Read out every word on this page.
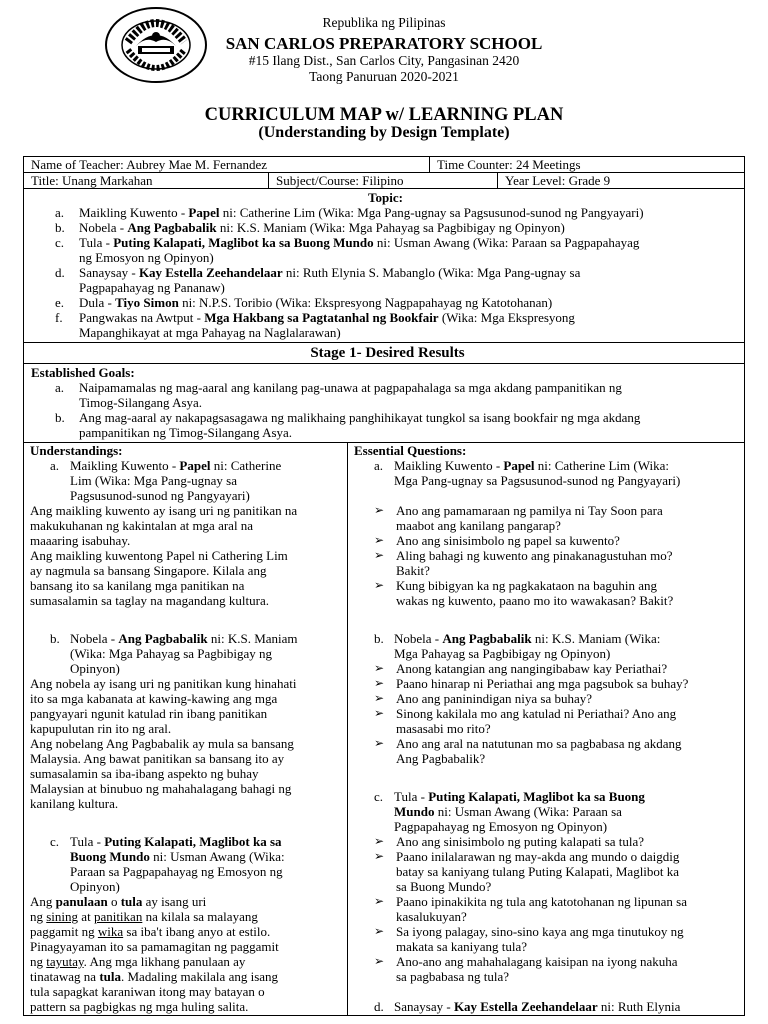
Republika ng Pilipinas
SAN CARLOS PREPARATORY SCHOOL
#15 Ilang Dist., San Carlos City, Pangasinan 2420
Taong Panuruan 2020-2021
CURRICULUM MAP w/ LEARNING PLAN
(Understanding by Design Template)
Name of Teacher: Aubrey Mae M. Fernandez	Time Counter: 24 Meetings
Title: Unang Markahan	Subject/Course: Filipino	Year Level: Grade 9
Topic:
a. Maikling Kuwento - Papel ni: Catherine Lim (Wika: Mga Pang-ugnay sa Pagsusunod-sunod ng Pangyayari)
b. Nobela - Ang Pagbabalik ni: K.S. Maniam (Wika: Mga Pahayag sa Pagbibigay ng Opinyon)
c. Tula - Puting Kalapati, Maglibot ka sa Buong Mundo ni: Usman Awang (Wika: Paraan sa Pagpapahayag
ng Emosyon ng Opinyon)
d. Sanaysay - Kay Estella Zeehandelaar ni: Ruth Elynia S. Mabanglo (Wika: Mga Pang-ugnay sa
Pagpapahayag ng Pananaw)
e. Dula - Tiyo Simon ni: N.P.S. Toribio (Wika: Ekspresyong Nagpapahayag ng Katotohanan)
f. Pangwakas na Awtput - Mga Hakbang sa Pagtatanhal ng Bookfair (Wika: Mga Ekspresyong
Mapanghikayat at mga Pahayag na Naglalarawan)
Stage 1- Desired Results
Established Goals:
a. Naipamamalas ng mag-aaral ang kanilang pag-unawa at pagpapahalaga sa mga akdang pampanitikan ng
Timog-Silangang Asya.
b. Ang mag-aaral ay nakapagsasagawa ng malikhaing panghihikayat tungkol sa isang bookfair ng mga akdang
pampanitikan ng Timog-Silangang Asya.
Understandings:
a. Maikling Kuwento - Papel ni: Catherine
Lim (Wika: Mga Pang-ugnay sa
Pagsusunod-sunod ng Pangyayari)
Ang maikling kuwento ay isang uri ng panitikan na
makukuhanan ng kakintalan at mga aral na
maaaring isabuhay.
Ang maikling kuwentong Papel ni Cathering Lim
ay nagmula sa bansang Singapore. Kilala ang
bansang ito sa kanilang mga panitikan na
sumasalamin sa taglay na magandang kultura.
b. Nobela - Ang Pagbabalik ni: K.S. Maniam
(Wika: Mga Pahayag sa Pagbibigay ng
Opinyon)
Ang nobela ay isang uri ng panitikan kung hinahati
ito sa mga kabanata at kawing-kawing ang mga
pangyayari ngunit katulad rin ibang panitikan
kapupulutan rin ito ng aral.
Ang nobelang Ang Pagbabalik ay mula sa bansang
Malaysia. Ang bawat panitikan sa bansang ito ay
sumasalamin sa iba-ibang aspekto ng buhay
Malaysian at binubuo ng mahahalagang bahagi ng
kanilang kultura.
c. Tula - Puting Kalapati, Maglibot ka sa
Buong Mundo ni: Usman Awang (Wika:
Paraan sa Pagpapahayag ng Emosyon ng
Opinyon)
Ang panulaan o tula ay isang uri
ng sining at panitikan na kilala sa malayang
paggamit ng wika sa iba't ibang anyo at estilo.
Pinagyayaman ito sa pamamagitan ng paggamit
ng tayutay. Ang mga likhang panulaan ay
tinatawag na tula. Madaling makilala ang isang
tula sapagkat karaniwan itong may batayan o
pattern sa pagbigkas ng mga huling salita.
Essential Questions:
a. Maikling Kuwento - Papel ni: Catherine Lim (Wika:
Mga Pang-ugnay sa Pagsusunod-sunod ng Pangyayari)
➢ Ano ang pamamaraan ng pamilya ni Tay Soon para
maabot ang kanilang pangarap?
➢ Ano ang sinisimbolo ng papel sa kuwento?
➢ Aling bahagi ng kuwento ang pinakanagustuhan mo?
Bakit?
➢ Kung bibigyan ka ng pagkakataon na baguhin ang
wakas ng kuwento, paano mo ito wawakasan? Bakit?
b. Nobela - Ang Pagbabalik ni: K.S. Maniam (Wika:
Mga Pahayag sa Pagbibigay ng Opinyon)
➢ Anong katangian ang nangingibabaw kay Periathai?
➢ Paano hinarap ni Periathai ang mga pagsubok sa buhay?
➢ Ano ang paninindigan niya sa buhay?
➢ Sinong kakilala mo ang katulad ni Periathai? Ano ang
masasabi mo rito?
➢ Ano ang aral na natutunan mo sa pagbabasa ng akdang
Ang Pagbabalik?
c. Tula - Puting Kalapati, Maglibot ka sa Buong
Mundo ni: Usman Awang (Wika: Paraan sa
Pagpapahayag ng Emosyon ng Opinyon)
➢ Ano ang sinisimbolo ng puting kalapati sa tula?
➢ Paano inilalarawan ng may-akda ang mundo o daigdig
batay sa kaniyang tulang Puting Kalapati, Maglibot ka
sa Buong Mundo?
➢ Paano ipinakikita ng tula ang katotohanan ng lipunan sa
kasalukuyan?
➢ Sa iyong palagay, sino-sino kaya ang mga tinutukoy ng
makata sa kaniyang tula?
➢ Ano-ano ang mahahalagang kaisipan na iyong nakuha
sa pagbabasa ng tula?
d. Sanaysay - Kay Estella Zeehandelaar ni: Ruth Elynia
